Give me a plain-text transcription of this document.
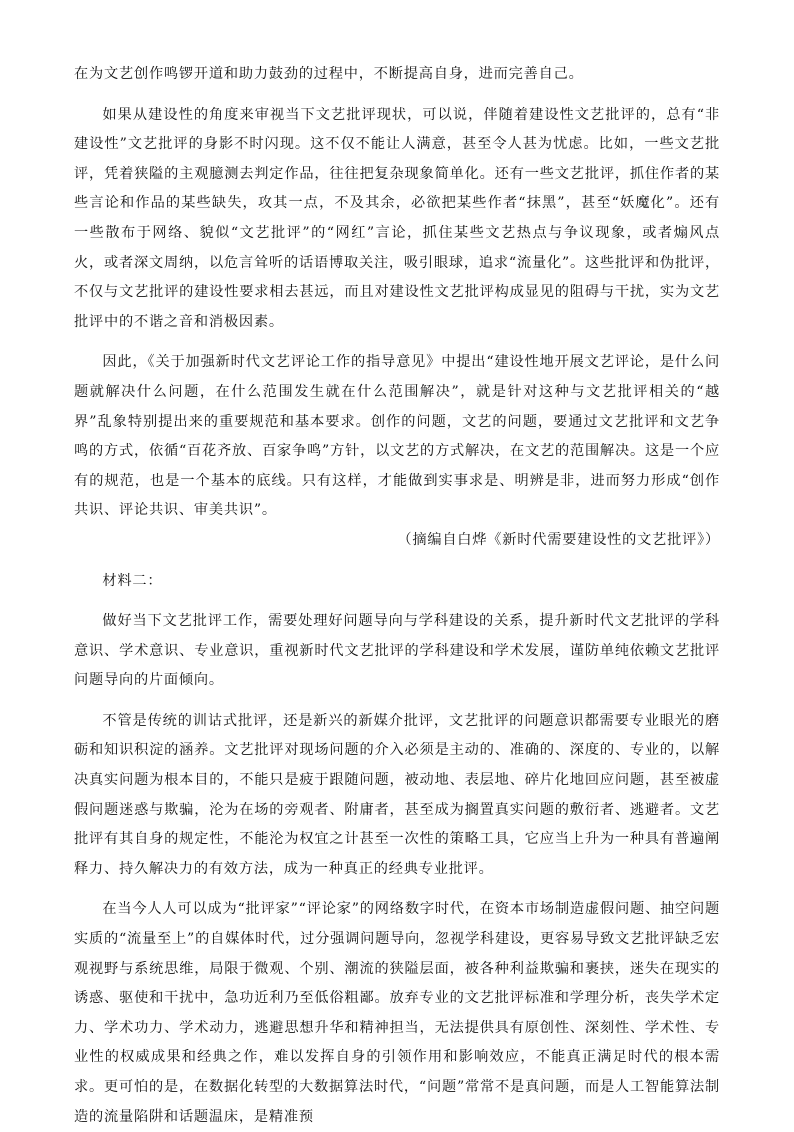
在为文艺创作鸣锣开道和助力鼓劲的过程中，不断提高自身，进而完善自己。

如果从建设性的角度来审视当下文艺批评现状，可以说，伴随着建设性文艺批评的，总有“非建设性”文艺批评的身影不时闪现。这不仅不能让人满意，甚至令人甚为忧虑。比如，一些文艺批评，凭着狭隘的主观臆测去判定作品，往往把复杂现象简单化。还有一些文艺批评，抓住作者的某些言论和作品的某些缺失，攻其一点，不及其余，必欲把某些作者“抹黑”，甚至“妖魔化”。还有一些散布于网络、貌似“文艺批评”的“网红”言论，抓住某些文艺热点与争议现象，或者煽风点火，或者深文周纳，以危言耸听的话语博取关注，吸引眼球，追求“流量化”。这些批评和伪批评，不仅与文艺批评的建设性要求相去甚远，而且对建设性文艺批评构成显见的阻碍与干扰，实为文艺批评中的不谐之音和消极因素。

因此，《关于加强新时代文艺评论工作的指导意见》中提出“建设性地开展文艺评论，是什么问题就解决什么问题，在什么范围发生就在什么范围解决”，就是针对这种与文艺批评相关的“越界”乱象特别提出来的重要规范和基本要求。创作的问题，文艺的问题，要通过文艺批评和文艺争鸣的方式，依循“百花齐放、百家争鸣”方针，以文艺的方式解决，在文艺的范围解决。这是一个应有的规范，也是一个基本的底线。只有这样，才能做到实事求是、明辨是非，进而努力形成“创作共识、评论共识、审美共识”。

（摘编自白烨《新时代需要建设性的文艺批评》）

材料二：

做好当下文艺批评工作，需要处理好问题导向与学科建设的关系，提升新时代文艺批评的学科意识、学术意识、专业意识，重视新时代文艺批评的学科建设和学术发展，谨防单纯依赖文艺批评问题导向的片面倾向。

不管是传统的训诂式批评，还是新兴的新媒介批评，文艺批评的问题意识都需要专业眼光的磨砺和知识积淀的涵养。文艺批评对现场问题的介入必须是主动的、准确的、深度的、专业的，以解决真实问题为根本目的，不能只是疲于跟随问题，被动地、表层地、碎片化地回应问题，甚至被虚假问题迷惑与欺骗，沦为在场的旁观者、附庸者，甚至成为搁置真实问题的敷衍者、逃避者。文艺批评有其自身的规定性，不能沦为权宜之计甚至一次性的策略工具，它应当上升为一种具有普遍阐释力、持久解决力的有效方法，成为一种真正的经典专业批评。

在当今人人可以成为“批评家”“评论家”的网络数字时代，在资本市场制造虚假问题、抽空问题实质的“流量至上”的自媒体时代，过分强调问题导向，忽视学科建设，更容易导致文艺批评缺乏宏观视野与系统思维，局限于微观、个别、潮流的狭隘层面，被各种利益欺骗和裹挟，迷失在现实的诱惑、驱使和干扰中，急功近利乃至低俗粗鄙。放弃专业的文艺批评标准和学理分析，丧失学术定力、学术功力、学术动力，逃避思想升华和精神担当，无法提供具有原创性、深刻性、学术性、专业性的权威成果和经典之作，难以发挥自身的引领作用和影响效应，不能真正满足时代的根本需求。更可怕的是，在数据化转型的大数据算法时代，“问题”常常不是真问题，而是人工智能算法制造的流量陷阱和话题温床，是精准预
